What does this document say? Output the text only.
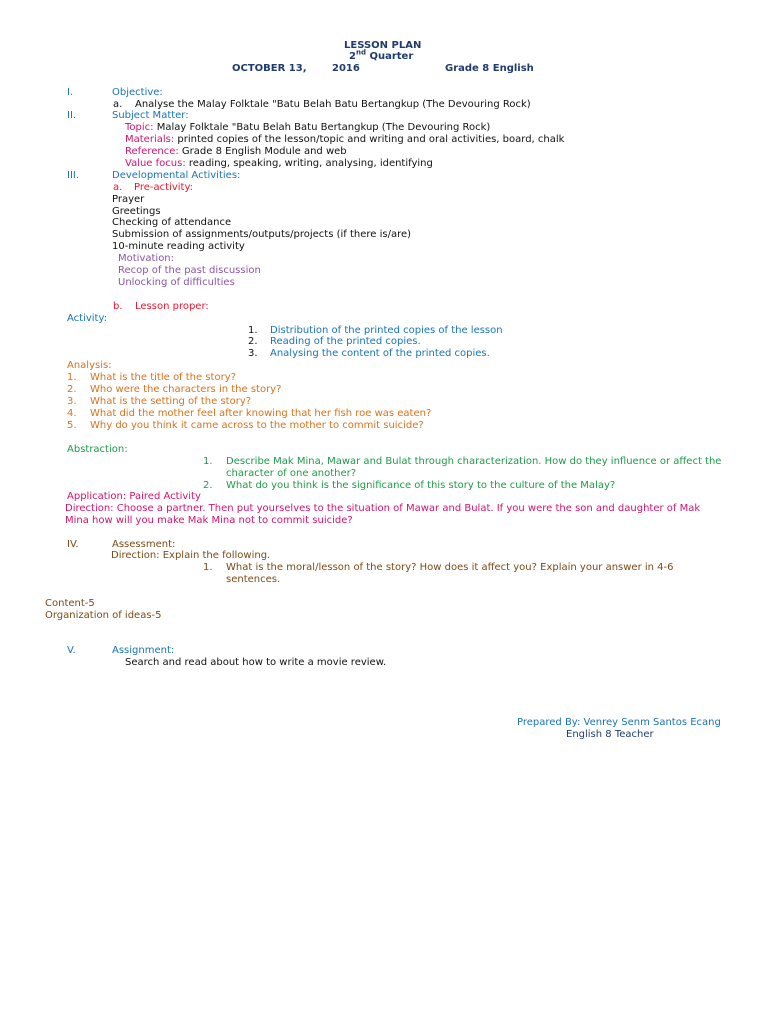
LESSON PLAN
2nd Quarter
OCTOBER 13,	2016	Grade 8 English
I.	Objective:
a. Analyse the Malay Folktale "Batu Belah Batu Bertangkup (The Devouring Rock)
II.	Subject Matter:
Topic: Malay Folktale "Batu Belah Batu Bertangkup (The Devouring Rock)
Materials: printed copies of the lesson/topic and writing and oral activities, board, chalk
Reference: Grade 8 English Module and web
Value focus: reading, speaking, writing, analysing, identifying
III.	Developmental Activities:
a. Pre-activity:
Prayer
Greetings
Checking of attendance
Submission of assignments/outputs/projects (if there is/are)
10-minute reading activity
Motivation:
Recop of the past discussion
Unlocking of difficulties
b. Lesson proper:
Activity:
1. Distribution of the printed copies of the lesson
2. Reading of the printed copies.
3. Analysing the content of the printed copies.
Analysis:
1. What is the title of the story?
2. Who were the characters in the story?
3. What is the setting of the story?
4. What did the mother feel after knowing that her fish roe was eaten?
5. Why do you think it came across to the mother to commit suicide?
Abstraction:
1. Describe Mak Mina, Mawar and Bulat through characterization. How do they influence or affect the
character of one another?
2. What do you think is the significance of this story to the culture of the Malay?
Application: Paired Activity
Direction: Choose a partner. Then put yourselves to the situation of Mawar and Bulat. If you were the son and daughter of Mak
Mina how will you make Mak Mina not to commit suicide?
IV.	Assessment:
Direction: Explain the following.
1. What is the moral/lesson of the story? How does it affect you? Explain your answer in 4-6
sentences.
Content-5
Organization of ideas-5
V.	Assignment:
Search and read about how to write a movie review.
Prepared By: Venrey Senm Santos Ecang
English 8 Teacher
